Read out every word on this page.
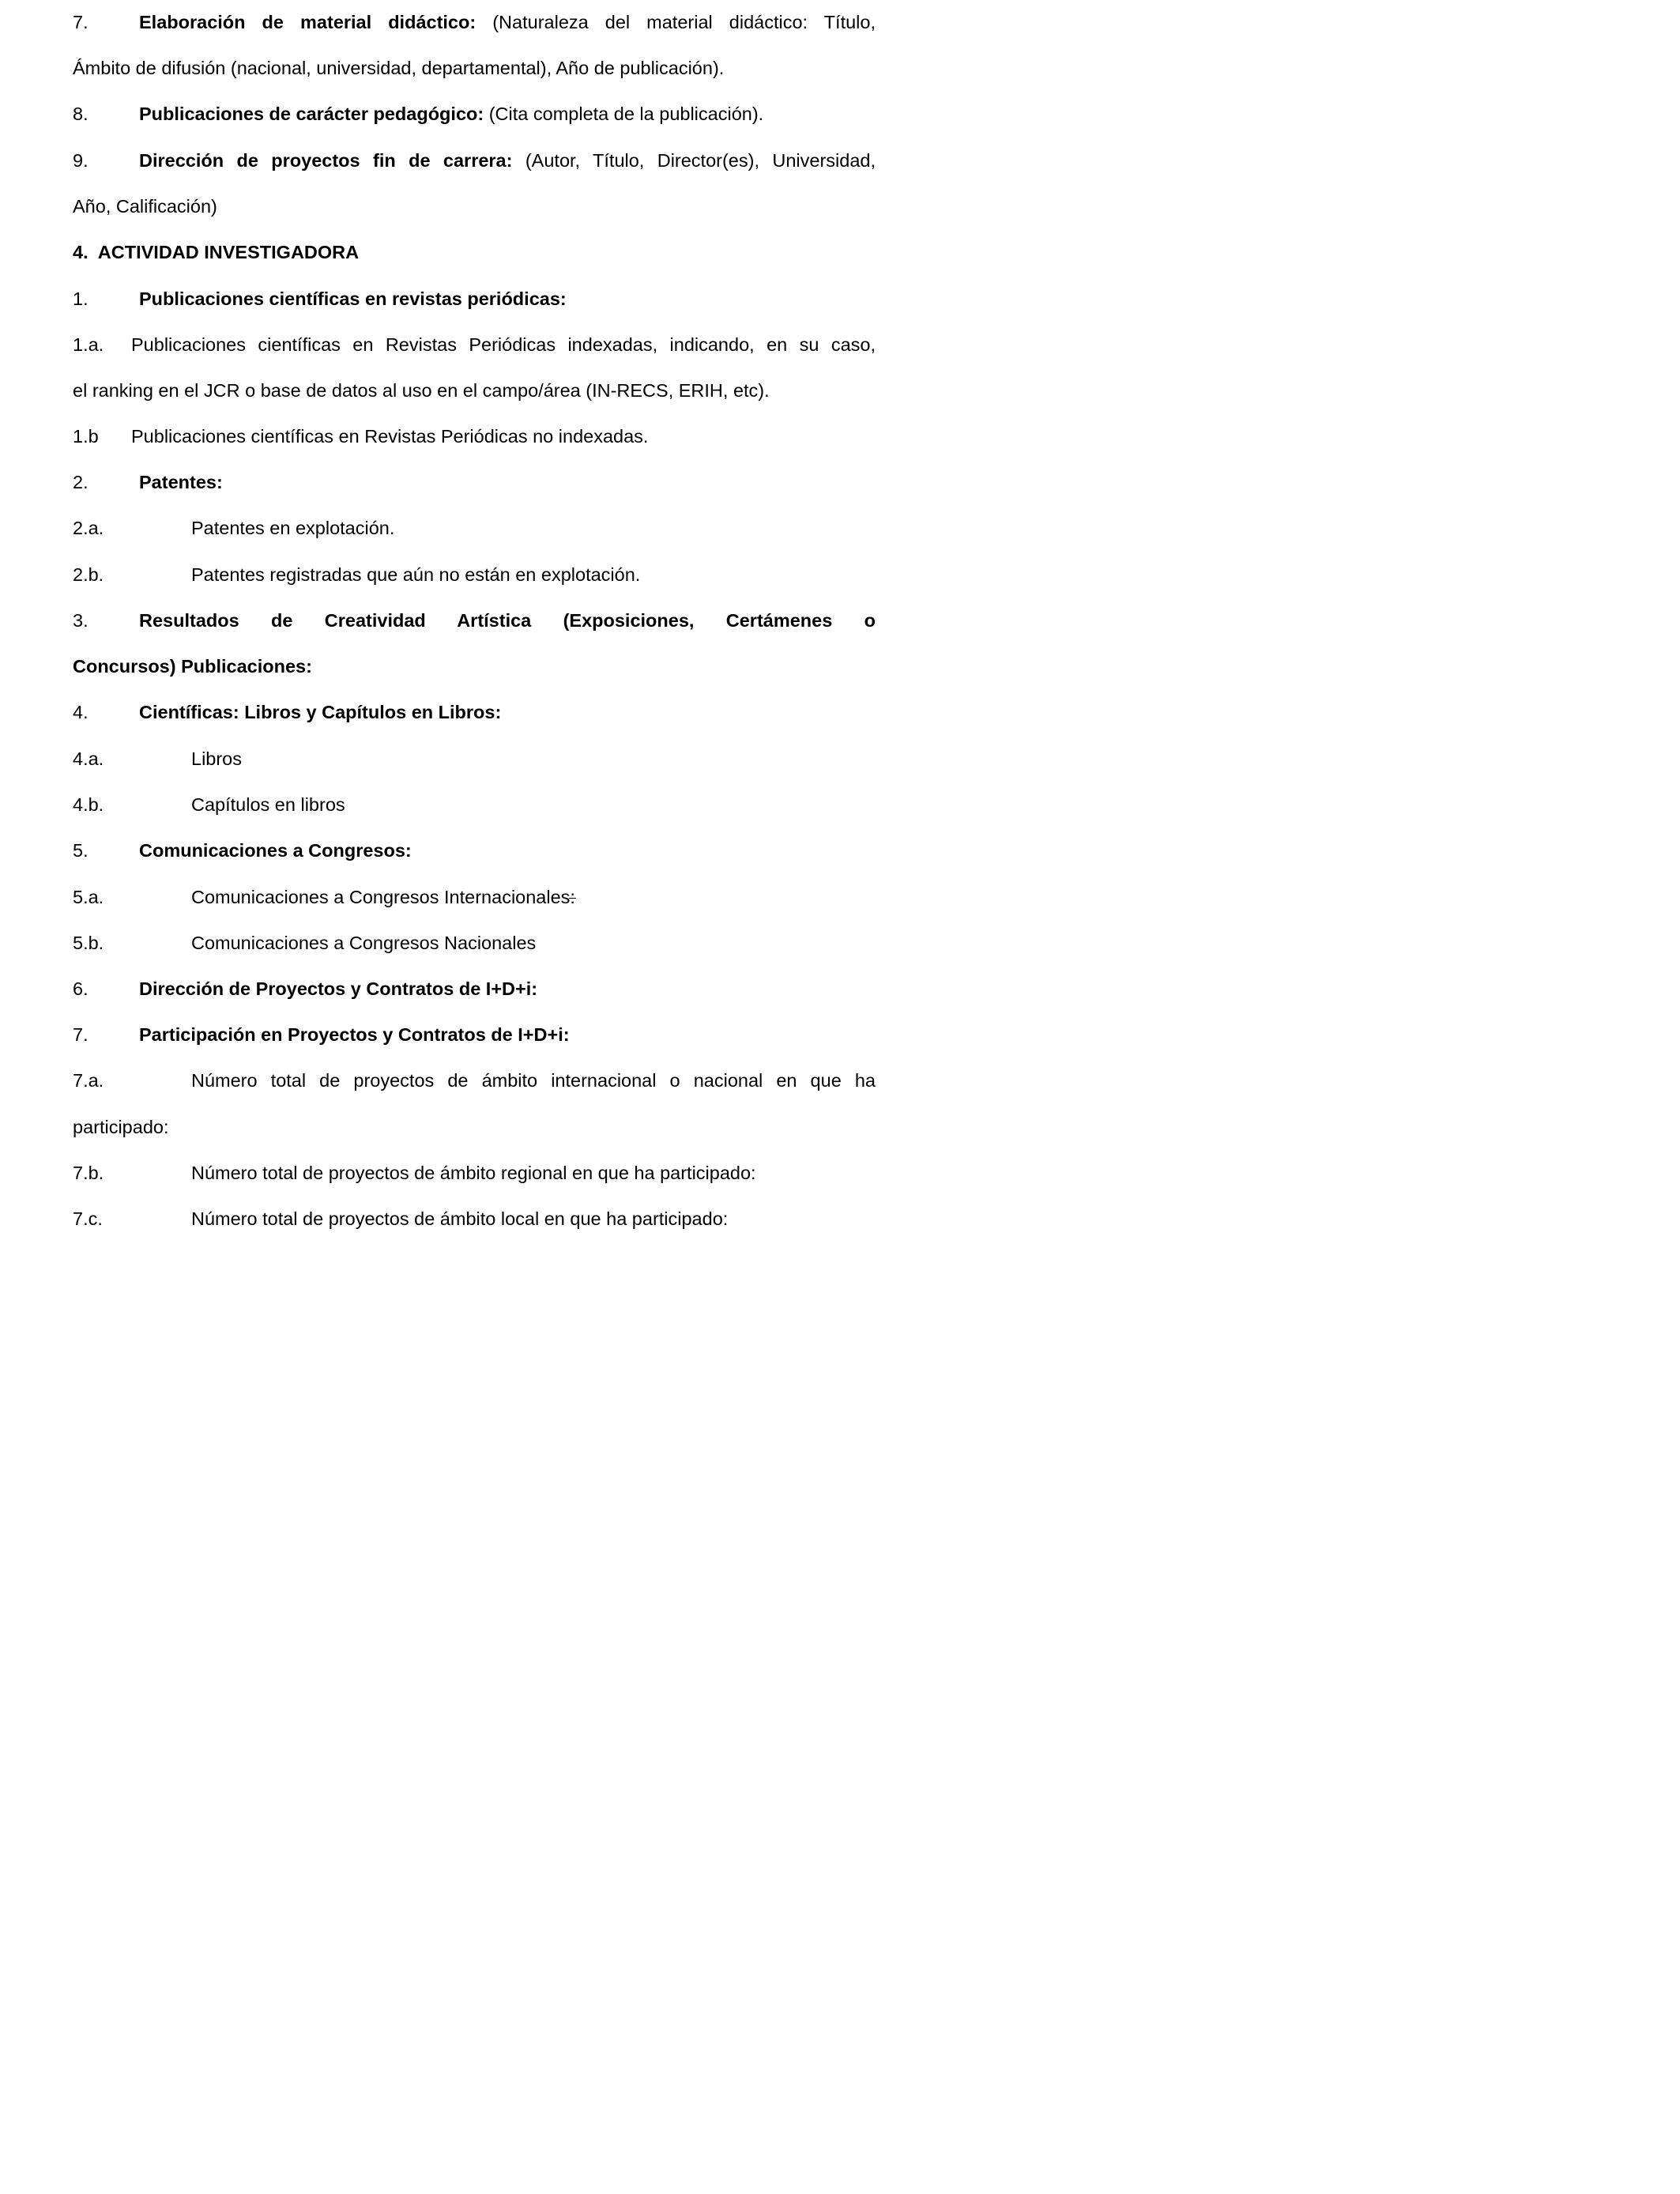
7.	Elaboración de material didáctico: (Naturaleza del material didáctico: Título,
Ámbito de difusión (nacional, universidad, departamental), Año de publicación).
8.	Publicaciones de carácter pedagógico: (Cita completa de la publicación).
9.	Dirección de proyectos fin de carrera: (Autor, Título, Director(es), Universidad,
Año, Calificación)
4.  ACTIVIDAD INVESTIGADORA
1.	Publicaciones científicas en revistas periódicas:
1.a. Publicaciones científicas en Revistas Periódicas indexadas, indicando, en su caso,
el ranking en el JCR o base de datos al uso en el campo/área (IN-RECS, ERIH, etc).
1.b Publicaciones científicas en Revistas Periódicas no indexadas.
2.	Patentes:
2.a.	Patentes en explotación.
2.b.	Patentes registradas que aún no están en explotación.
3.	Resultados de Creatividad Artística (Exposiciones, Certámenes o
Concursos) Publicaciones:
4.	Científicas: Libros y Capítulos en Libros:
4.a.	Libros
4.b.	Capítulos en libros
5.	Comunicaciones a Congresos:
5.a.	Comunicaciones a Congresos Internacionales:
5.b.	Comunicaciones a Congresos Nacionales
6.	Dirección de Proyectos y Contratos de I+D+i:
7.	Participación en Proyectos y Contratos de I+D+i:
7.a.	Número total de proyectos de ámbito internacional o nacional en que ha
participado:
7.b.	Número total de proyectos de ámbito regional en que ha participado:
7.c.	Número total de proyectos de ámbito local en que ha participado:
